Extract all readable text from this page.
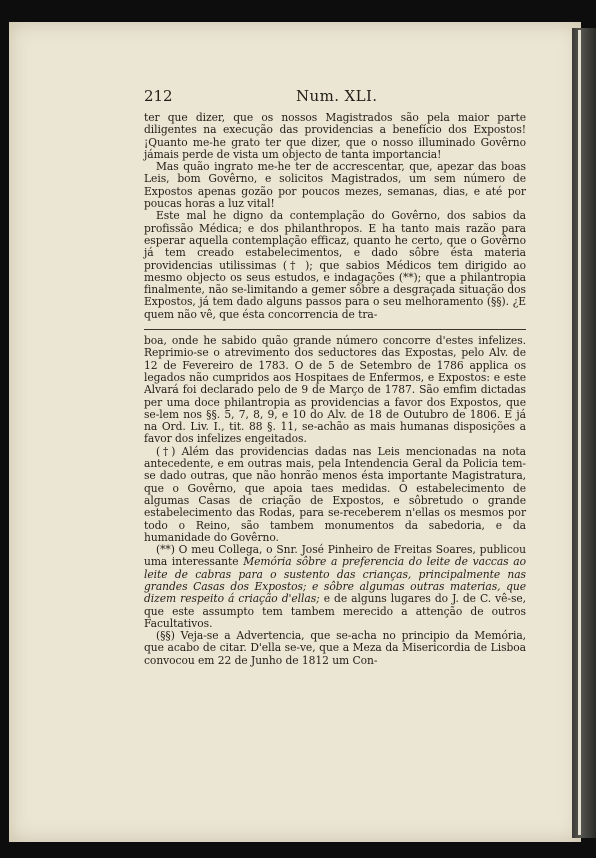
212	Num. XLI.

ter que dizer, que os nossos Magistrados são pela maior parte diligentes na execução das providencias a benefício dos Expostos! ¡Quanto me-he grato ter que dizer, que o nosso illuminado Govêrno jámais perde de vista um objecto de tanta importancia!

Mas quão ingrato me-he ter de accrescentar, que, apezar das boas Leis, bom Govêrno, e solicitos Magistrados, um sem número de Expostos apenas gozão por poucos mezes, semanas, dias, e até por poucas horas a luz vital!

Este mal he digno da contemplação do Govêrno, dos sabios da profissão Médica; e dos philanthropos. E ha tanto mais razão para esperar aquella contemplação efficaz, quanto he certo, que o Govêrno já tem creado estabelecimentos, e dado sôbre ésta materia providencias utilissimas († ); que sabios Médicos tem dirigido ao mesmo objecto os seus estudos, e indagações (**); que a philantropia finalmente, não se-limitando a gemer sôbre a desgraçada situação dos Expostos, já tem dado alguns passos para o seu melhoramento (§§). ¿E quem não vê, que ésta concorrencia de tra-

boa, onde he sabido quão grande número concorre d'estes infelizes. Reprimio-se o atrevimento dos seductores das Expostas, pelo Alv. de 12 de Fevereiro de 1783. O de 5 de Setembro de 1786 applica os legados não cumpridos aos Hospitaes de Enfermos, e Expostos: e este Alvará foi declarado pelo de 9 de Março de 1787. São emfim dictadas per uma doce philantropia as providencias a favor dos Expostos, que se-lem nos §§. 5, 7, 8, 9, e 10 do Alv. de 18 de Outubro de 1806. E já na Ord. Liv. I., tit. 88 §. 11, se-achão as mais humanas disposições a favor dos infelizes engeitados.

(†) Além das providencias dadas nas Leis mencionadas na nota antecedente, e em outras mais, pela Intendencia Geral da Policia tem-se dado outras, que não honrão menos ésta importante Magistratura, que o Govêrno, que apoia taes medidas. O estabelecimento de algumas Casas de criação de Expostos, e sôbretudo o grande estabelecimento das Rodas, para se-receberem n'ellas os mesmos por todo o Reino, são tambem monumentos da sabedoria, e da humanidade do Govêrno.

(**) O meu Collega, o Snr. José Pinheiro de Freitas Soares, publicou uma interessante Memória sôbre a preferencia do leite de vaccas ao leite de cabras para o sustento das crianças, principalmente nas grandes Casas dos Expostos; e sôbre algumas outras materias, que dizem respeito á criação d'ellas; e de alguns lugares do J. de C. vê-se, que este assumpto tem tambem merecido a attenção de outros Facultativos.

(§§) Veja-se a Advertencia, que se-acha no principio da Memória, que acabo de citar. D'ella se-ve, que a Meza da Misericordia de Lisboa convocou em 22 de Junho de 1812 um Con-
